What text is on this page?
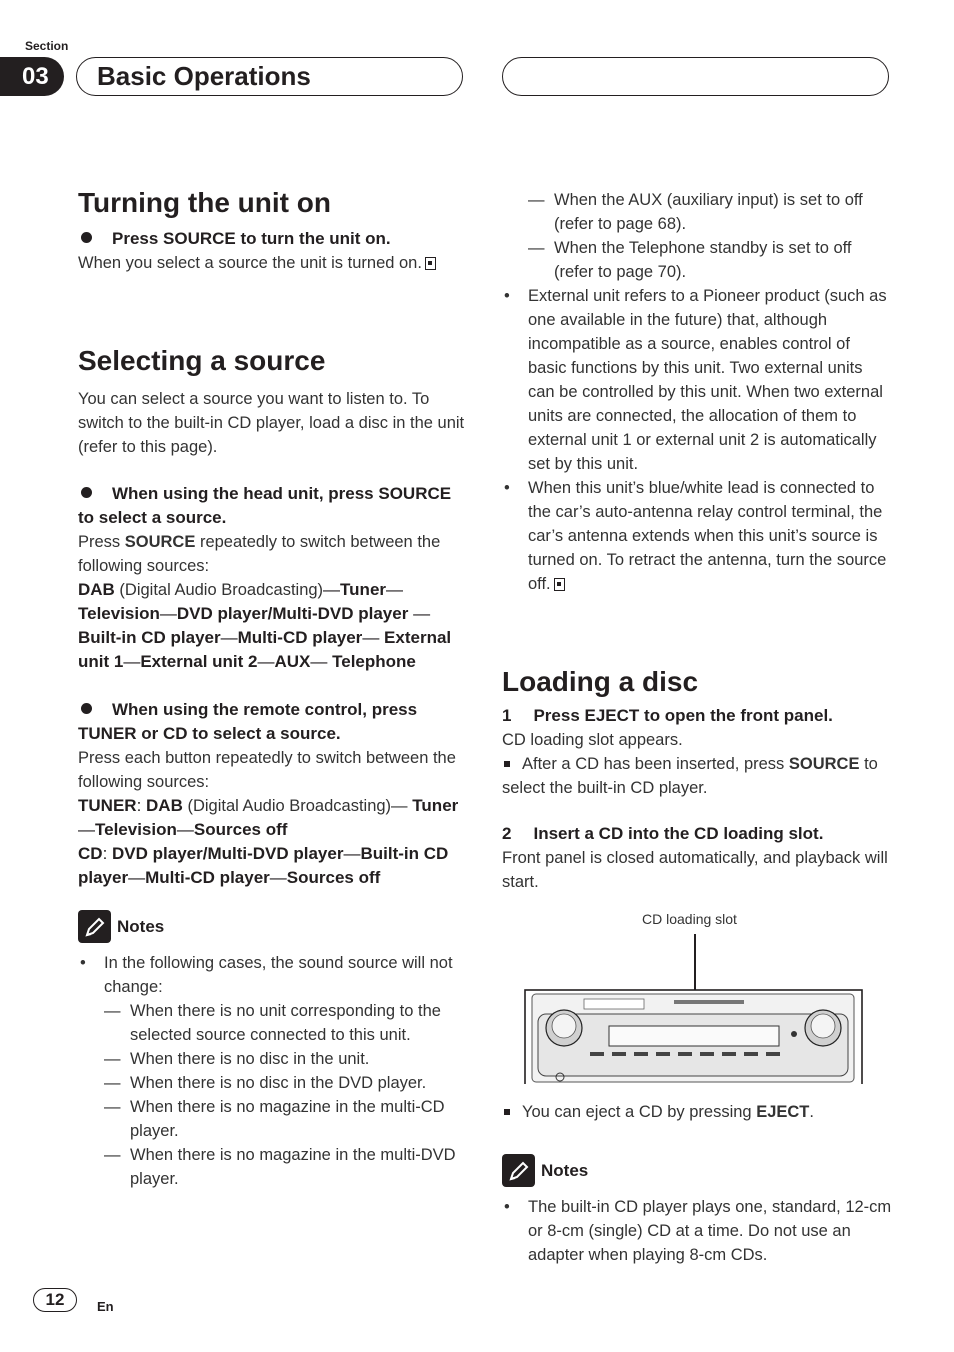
Section
03	Basic Operations
Turning the unit on

Press SOURCE to turn the unit on.

When you select a source the unit is turned on.

Selecting a source

You can select a source you want to listen to. To switch to the built-in CD player, load a disc in the unit (refer to this page).

When using the head unit, press SOURCE to select a source.

Press SOURCE repeatedly to switch between the following sources:

DAB (Digital Audio Broadcasting)—Tuner— Television—DVD player/Multi-DVD player —Built-in CD player—Multi-CD player— External unit 1—External unit 2—AUX— Telephone

When using the remote control, press TUNER or CD to select a source.

Press each button repeatedly to switch between the following sources:

TUNER: DAB (Digital Audio Broadcasting)— Tuner—Television—Sources off

CD: DVD player/Multi-DVD player—Built-in CD player—Multi-CD player—Sources off

Notes
• In the following cases, the sound source will not change:
— When there is no unit corresponding to the selected source connected to this unit.
— When there is no disc in the unit.
— When there is no disc in the DVD player.
— When there is no magazine in the multi-CD player.
— When there is no magazine in the multi-DVD player.
— When the AUX (auxiliary input) is set to off (refer to page 68).
— When the Telephone standby is set to off (refer to page 70).
• External unit refers to a Pioneer product (such as one available in the future) that, although incompatible as a source, enables control of basic functions by this unit. Two external units can be controlled by this unit. When two external units are connected, the allocation of them to external unit 1 or external unit 2 is automatically set by this unit.
• When this unit’s blue/white lead is connected to the car’s auto-antenna relay control terminal, the car’s antenna extends when this unit’s source is turned on. To retract the antenna, turn the source off.
Loading a disc

1 Press EJECT to open the front panel.

CD loading slot appears.

After a CD has been inserted, press SOURCE to select the built-in CD player.

2 Insert a CD into the CD loading slot.

Front panel is closed automatically, and playback will start.

CD loading slot

You can eject a CD by pressing EJECT.

Notes
• The built-in CD player plays one, standard, 12-cm or 8-cm (single) CD at a time. Do not use an adapter when playing 8-cm CDs.
12	En
